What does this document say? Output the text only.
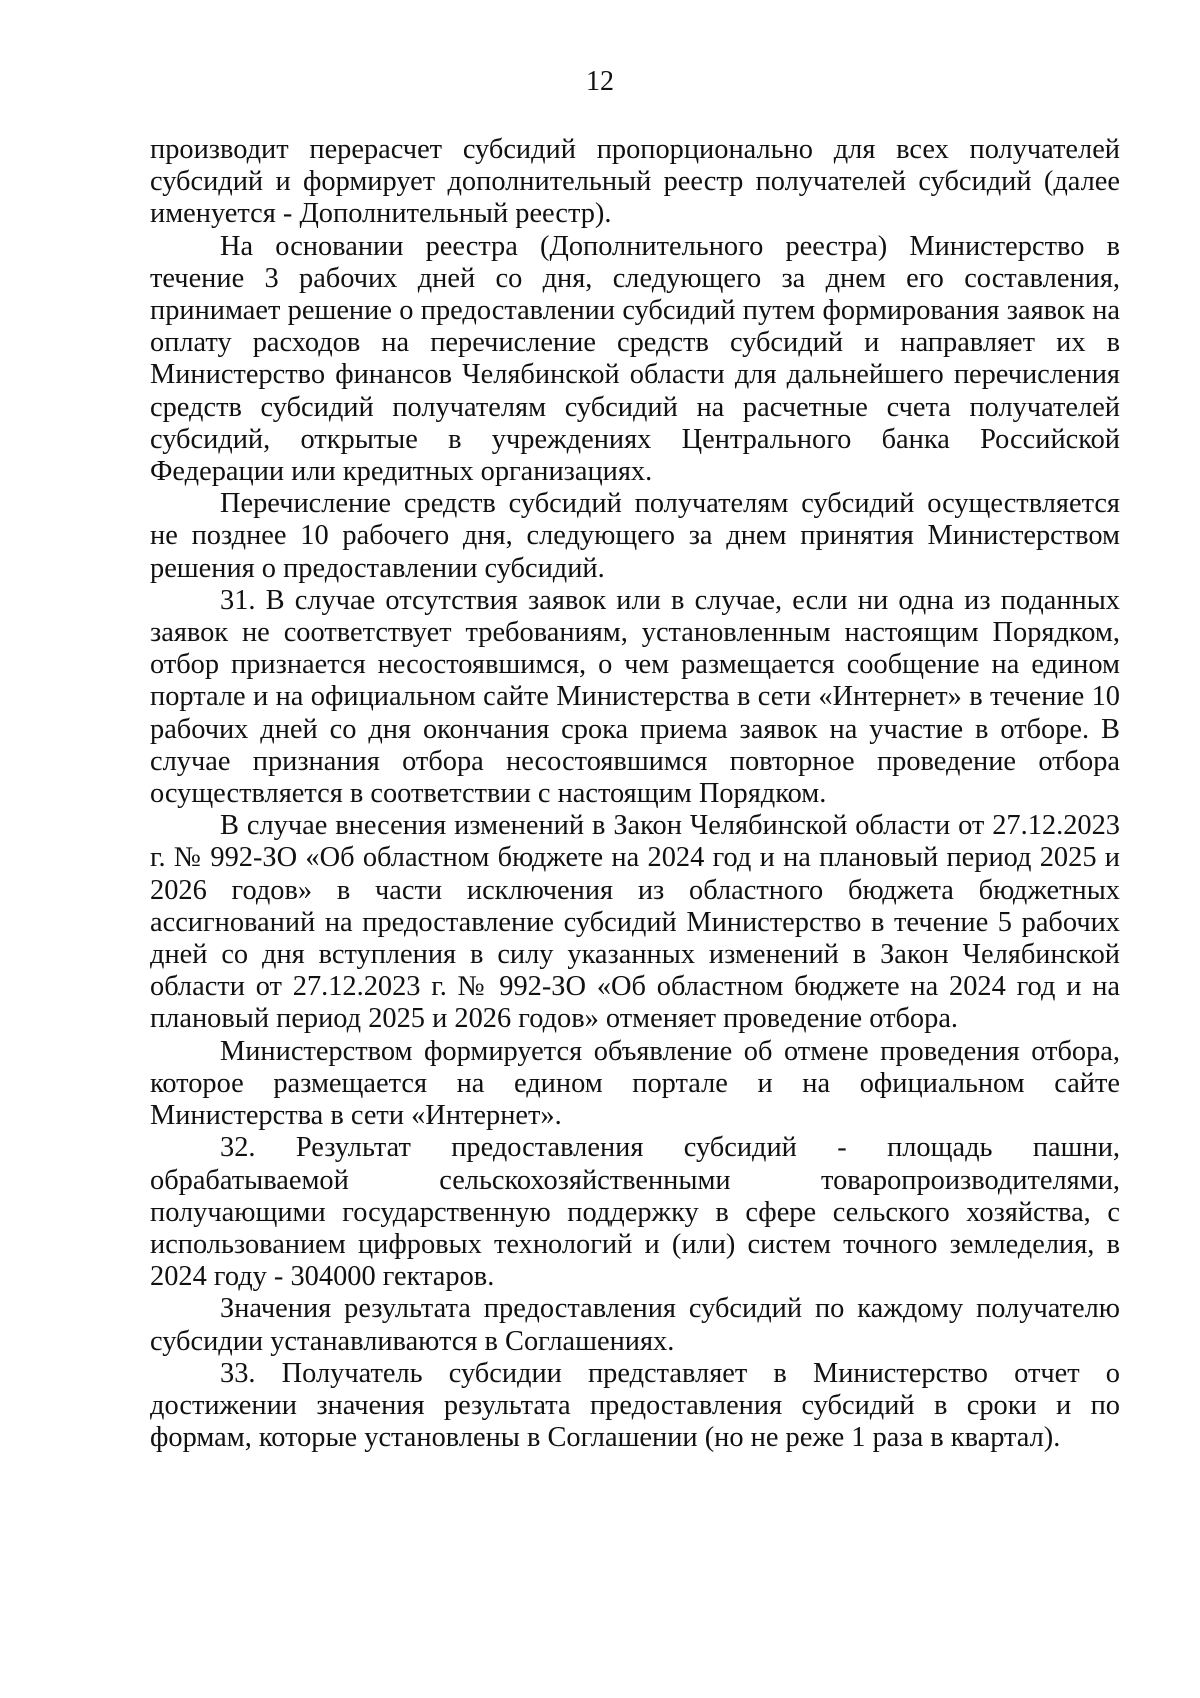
12

производит перерасчет субсидий пропорционально для всех получателей субсидий и формирует дополнительный реестр получателей субсидий (далее именуется - Дополнительный реестр).

На основании реестра (Дополнительного реестра) Министерство в течение 3 рабочих дней со дня, следующего за днем его составления, принимает решение о предоставлении субсидий путем формирования заявок на оплату расходов на перечисление средств субсидий и направляет их в Министерство финансов Челябинской области для дальнейшего перечисления средств субсидий получателям субсидий на расчетные счета получателей субсидий, открытые в учреждениях Центрального банка Российской Федерации или кредитных организациях.

Перечисление средств субсидий получателям субсидий осуществляется не позднее 10 рабочего дня, следующего за днем принятия Министерством решения о предоставлении субсидий.

31. В случае отсутствия заявок или в случае, если ни одна из поданных заявок не соответствует требованиям, установленным настоящим Порядком, отбор признается несостоявшимся, о чем размещается сообщение на едином портале и на официальном сайте Министерства в сети «Интернет» в течение 10 рабочих дней со дня окончания срока приема заявок на участие в отборе. В случае признания отбора несостоявшимся повторное проведение отбора осуществляется в соответствии с настоящим Порядком.

В случае внесения изменений в Закон Челябинской области от 27.12.2023 г. № 992-ЗО «Об областном бюджете на 2024 год и на плановый период 2025 и 2026 годов» в части исключения из областного бюджета бюджетных ассигнований на предоставление субсидий Министерство в течение 5 рабочих дней со дня вступления в силу указанных изменений в Закон Челябинской области от 27.12.2023 г. № 992-ЗО «Об областном бюджете на 2024 год и на плановый период 2025 и 2026 годов» отменяет проведение отбора.

Министерством формируется объявление об отмене проведения отбора, которое размещается на едином портале и на официальном сайте Министерства в сети «Интернет».

32. Результат предоставления субсидий - площадь пашни, обрабатываемой сельскохозяйственными товаропроизводителями, получающими государственную поддержку в сфере сельского хозяйства, с использованием цифровых технологий и (или) систем точного земледелия, в 2024 году - 304000 гектаров.

Значения результата предоставления субсидий по каждому получателю субсидии устанавливаются в Соглашениях.

33. Получатель субсидии представляет в Министерство отчет о достижении значения результата предоставления субсидий в сроки и по формам, которые установлены в Соглашении (но не реже 1 раза в квартал).
